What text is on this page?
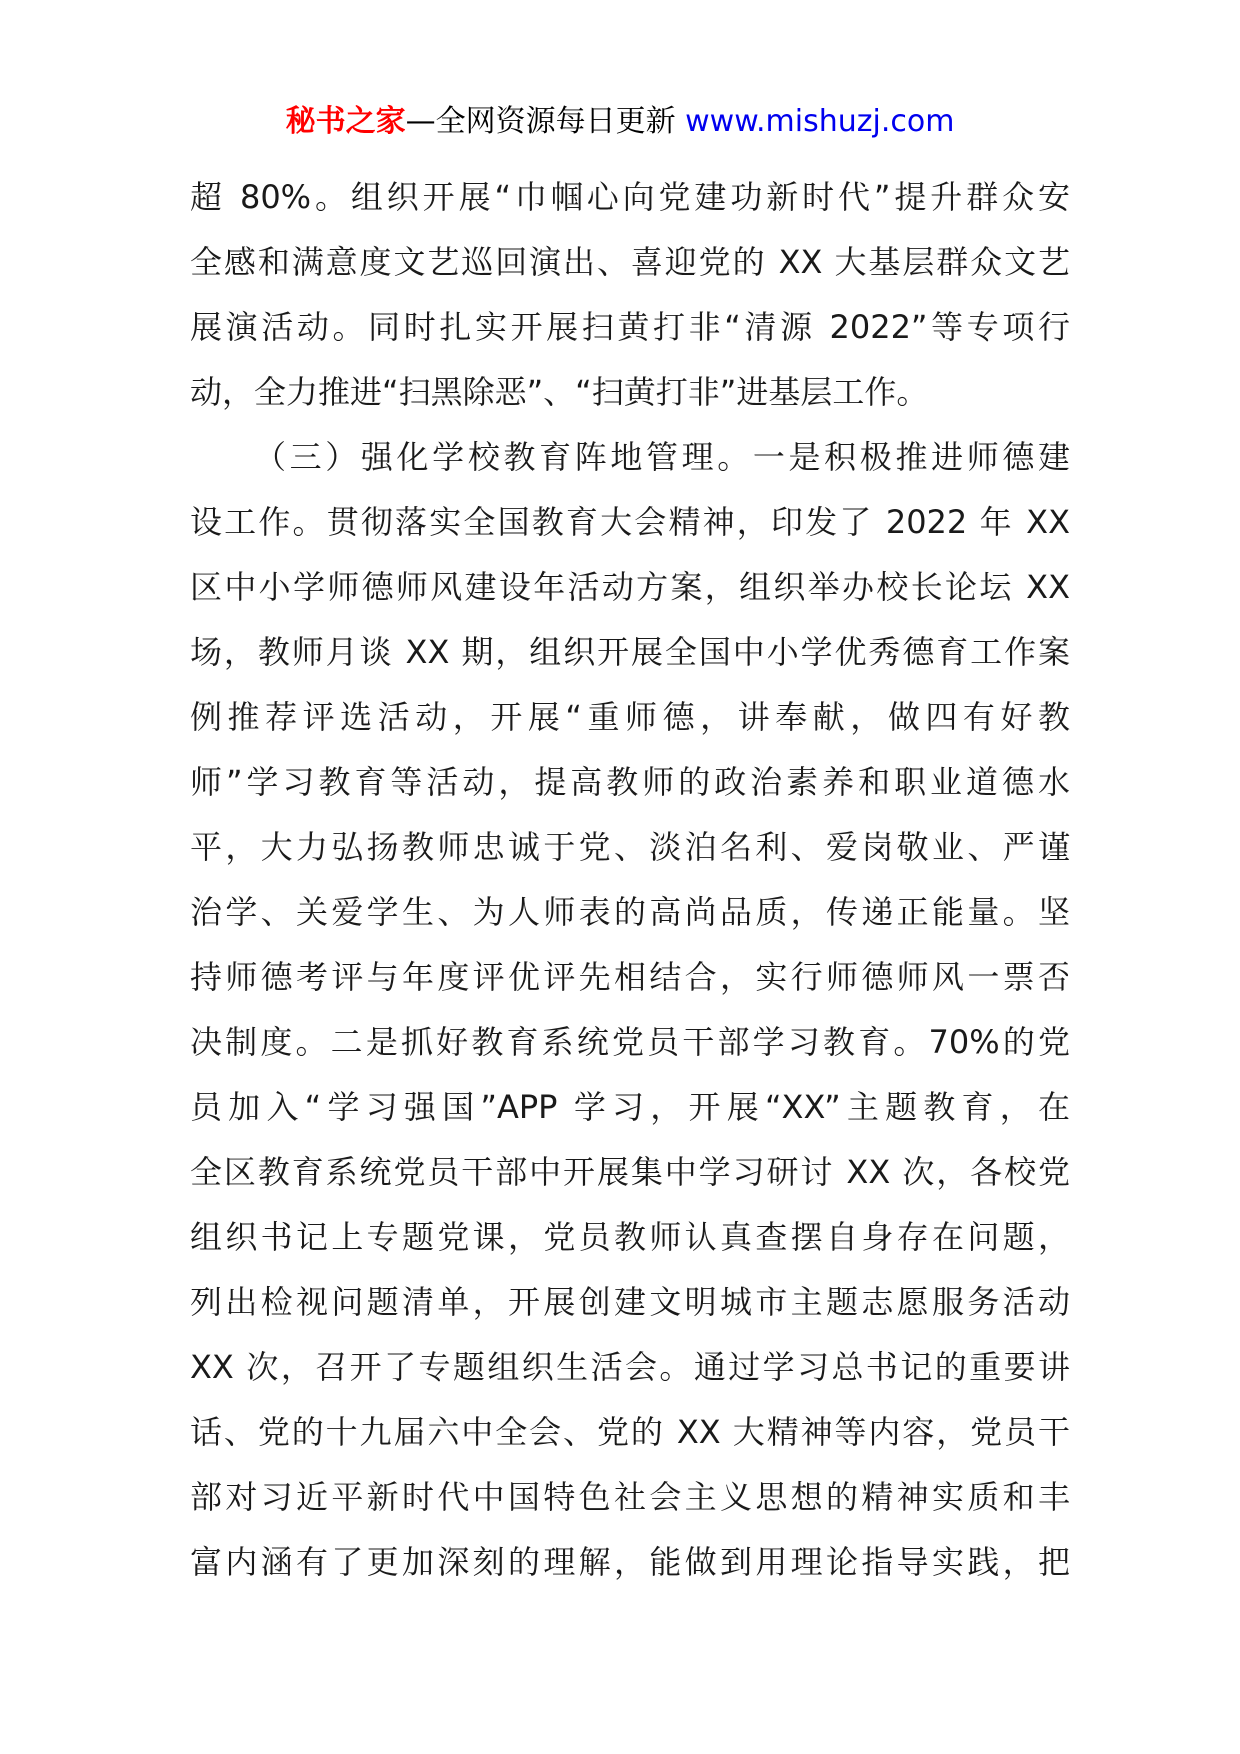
秘书之家—全网资源每日更新 www.mishuzj.com
超 80%。组织开展“巾帼心向党建功新时代”提升群众安
全感和满意度文艺巡回演出、喜迎党的 XX 大基层群众文艺
展演活动。同时扎实开展扫黄打非“清源 2022”等专项行
动，全力推进“扫黑除恶”、“扫黄打非”进基层工作。
（三）强化学校教育阵地管理。一是积极推进师德建
设工作。贯彻落实全国教育大会精神，印发了 2022 年 XX
区中小学师德师风建设年活动方案，组织举办校长论坛 XX
场，教师月谈 XX 期，组织开展全国中小学优秀德育工作案
例推荐评选活动，开展“重师德，讲奉献，做四有好教
师”学习教育等活动，提高教师的政治素养和职业道德水
平，大力弘扬教师忠诚于党、淡泊名利、爱岗敬业、严谨
治学、关爱学生、为人师表的高尚品质，传递正能量。坚
持师德考评与年度评优评先相结合，实行师德师风一票否
决制度。二是抓好教育系统党员干部学习教育。70%的党
员加入“学习强国”APP 学习，开展“XX”主题教育，在
全区教育系统党员干部中开展集中学习研讨 XX 次，各校党
组织书记上专题党课，党员教师认真查摆自身存在问题，
列出检视问题清单，开展创建文明城市主题志愿服务活动
XX 次，召开了专题组织生活会。通过学习总书记的重要讲
话、党的十九届六中全会、党的 XX 大精神等内容，党员干
部对习近平新时代中国特色社会主义思想的精神实质和丰
富内涵有了更加深刻的理解，能做到用理论指导实践，把
